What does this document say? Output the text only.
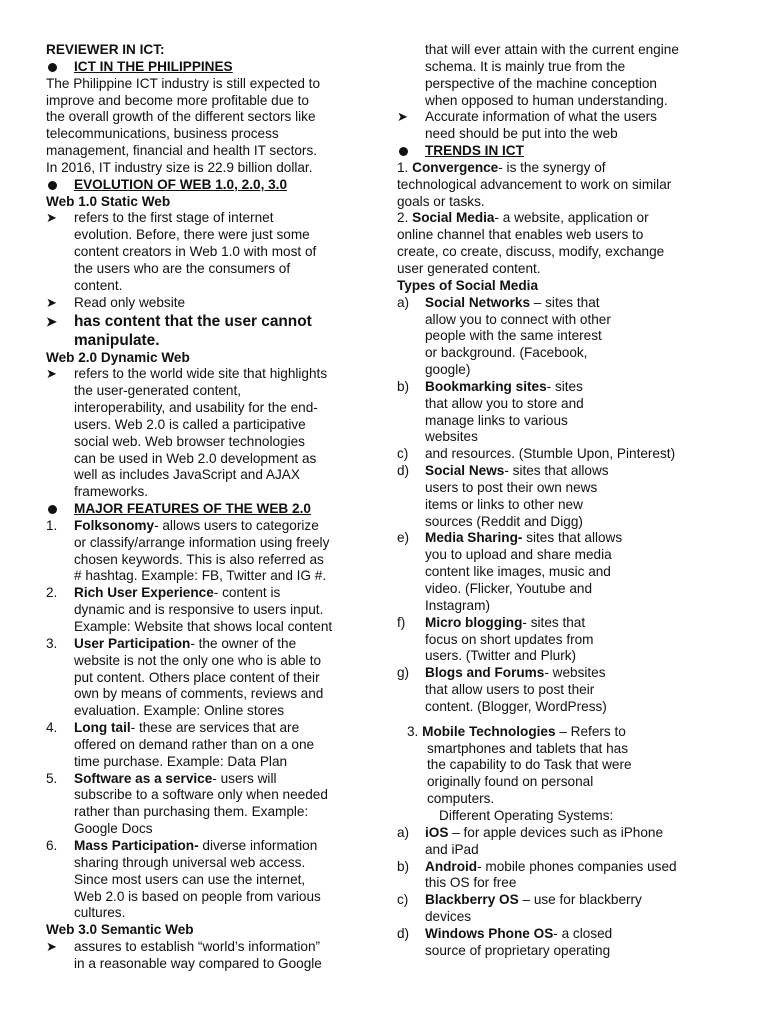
REVIEWER IN ICT:
ICT IN THE PHILIPPINES
The Philippine ICT industry is still expected to
improve and become more profitable due to
the overall growth of the different sectors like
telecommunications, business process
management, financial and health IT sectors.
In 2016, IT industry size is 22.9 billion dollar.
EVOLUTION OF WEB 1.0, 2.0, 3.0
Web 1.0 Static Web
➤ refers to the first stage of internet
evolution. Before, there were just some
content creators in Web 1.0 with most of
the users who are the consumers of
content.
➤ Read only website
➤ has content that the user cannot
manipulate.
Web 2.0 Dynamic Web
➤ refers to the world wide site that highlights
the user-generated content,
interoperability, and usability for the end-
users. Web 2.0 is called a participative
social web. Web browser technologies
can be used in Web 2.0 development as
well as includes JavaScript and AJAX
frameworks.
MAJOR FEATURES OF THE WEB 2.0
1. Folksonomy- allows users to categorize
or classify/arrange information using freely
chosen keywords. This is also referred as
# hashtag. Example: FB, Twitter and IG #.
2. Rich User Experience- content is
dynamic and is responsive to users input.
Example: Website that shows local content
3. User Participation- the owner of the
website is not the only one who is able to
put content. Others place content of their
own by means of comments, reviews and
evaluation. Example: Online stores
4. Long tail- these are services that are
offered on demand rather than on a one
time purchase. Example: Data Plan
5. Software as a service- users will
subscribe to a software only when needed
rather than purchasing them. Example:
Google Docs
6. Mass Participation- diverse information
sharing through universal web access.
Since most users can use the internet,
Web 2.0 is based on people from various
cultures.
Web 3.0 Semantic Web
➤ assures to establish “world’s information”
in a reasonable way compared to Google
that will ever attain with the current engine
schema. It is mainly true from the
perspective of the machine conception
when opposed to human understanding.
➤ Accurate information of what the users
need should be put into the web
TRENDS IN ICT
1. Convergence- is the synergy of
technological advancement to work on similar
goals or tasks.
2. Social Media- a website, application or
online channel that enables web users to
create, co create, discuss, modify, exchange
user generated content.
Types of Social Media
a) Social Networks – sites that
allow you to connect with other
people with the same interest
or background. (Facebook,
google)
b) Bookmarking sites- sites
that allow you to store and
manage links to various
websites
c) and resources. (Stumble Upon, Pinterest)
d) Social News- sites that allows
users to post their own news
items or links to other new
sources (Reddit and Digg)
e) Media Sharing- sites that allows
you to upload and share media
content like images, music and
video. (Flicker, Youtube and
Instagram)
f) Micro blogging- sites that
focus on short updates from
users. (Twitter and Plurk)
g) Blogs and Forums- websites
that allow users to post their
content. (Blogger, WordPress)
3. Mobile Technologies – Refers to
smartphones and tablets that has
the capability to do Task that were
originally found on personal
computers.
Different Operating Systems:
a) iOS – for apple devices such as iPhone
and iPad
b) Android- mobile phones companies used
this OS for free
c) Blackberry OS – use for blackberry
devices
d) Windows Phone OS- a closed
source of proprietary operating
